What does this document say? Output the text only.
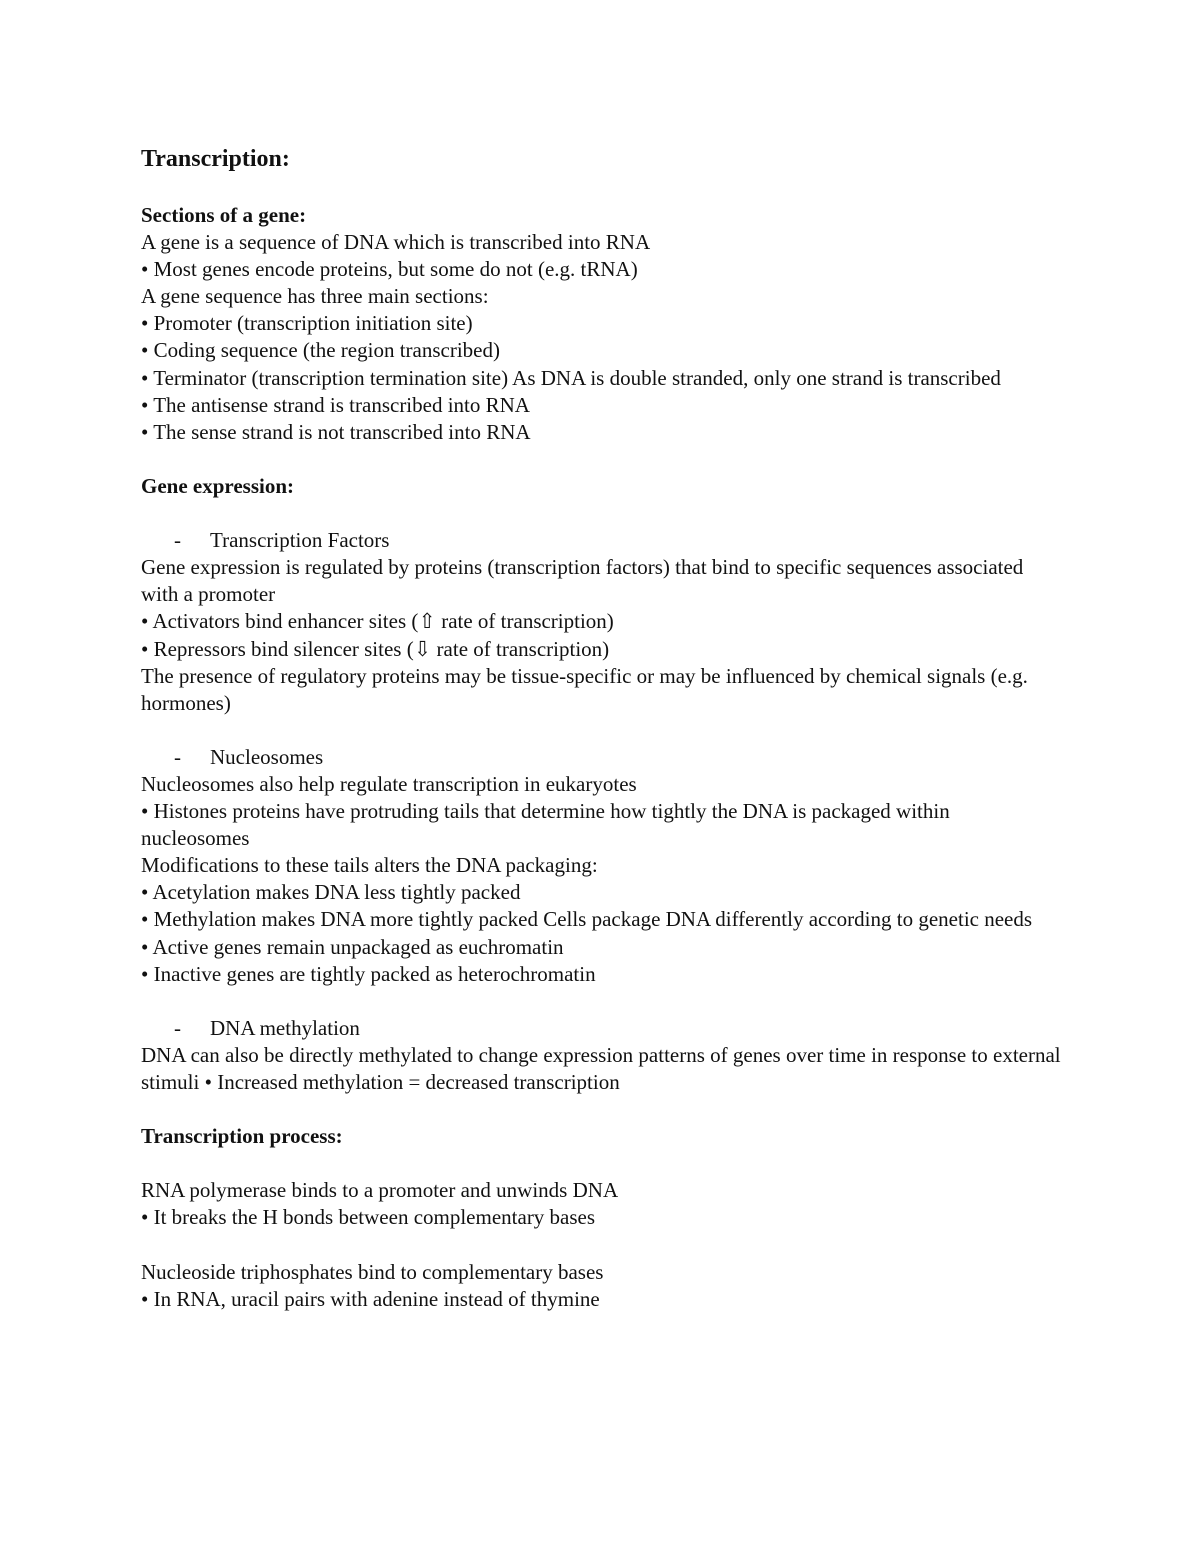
Transcription:

Sections of a gene:

A gene is a sequence of DNA which is transcribed into RNA

• Most genes encode proteins, but some do not (e.g. tRNA)

A gene sequence has three main sections:

• Promoter (transcription initiation site)

• Coding sequence (the region transcribed)

• Terminator (transcription termination site) As DNA is double stranded, only one strand is transcribed

• The antisense strand is transcribed into RNA

• The sense strand is not transcribed into RNA

Gene expression:

- Transcription Factors

Gene expression is regulated by proteins (transcription factors) that bind to specific sequences associated with a promoter

• Activators bind enhancer sites (⇧ rate of transcription)

• Repressors bind silencer sites (⇩ rate of transcription)

The presence of regulatory proteins may be tissue-specific or may be influenced by chemical signals (e.g. hormones)

- Nucleosomes

Nucleosomes also help regulate transcription in eukaryotes

• Histones proteins have protruding tails that determine how tightly the DNA is packaged within nucleosomes

Modifications to these tails alters the DNA packaging:

• Acetylation makes DNA less tightly packed

• Methylation makes DNA more tightly packed Cells package DNA differently according to genetic needs

• Active genes remain unpackaged as euchromatin

• Inactive genes are tightly packed as heterochromatin

- DNA methylation

DNA can also be directly methylated to change expression patterns of genes over time in response to external stimuli • Increased methylation = decreased transcription

Transcription process:

RNA polymerase binds to a promoter and unwinds DNA

• It breaks the H bonds between complementary bases

Nucleoside triphosphates bind to complementary bases

• In RNA, uracil pairs with adenine instead of thymine
